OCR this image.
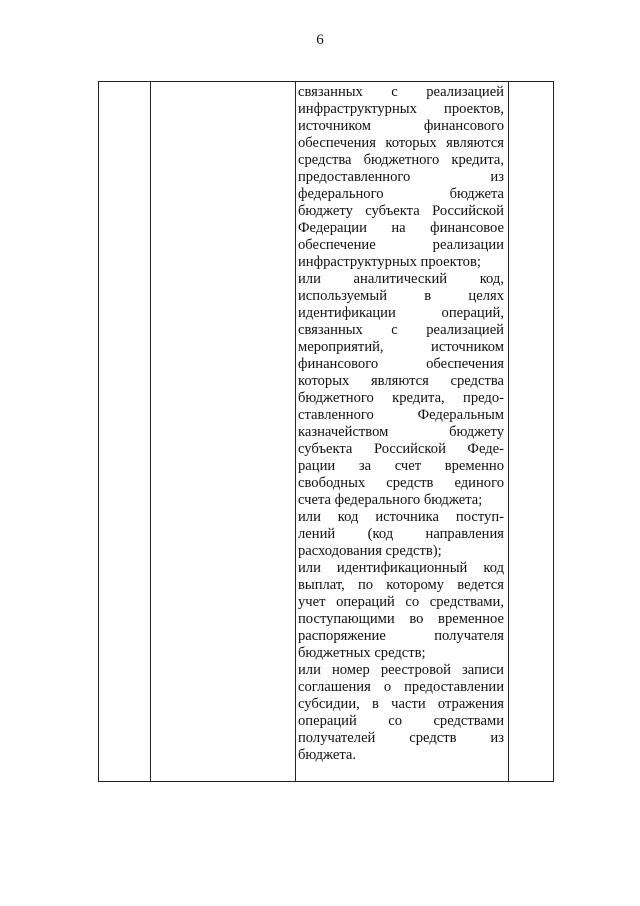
6
связанных с реализацией
инфраструктурных проектов,
источником финансового
обеспечения которых являются
средства бюджетного кредита,
предоставленного из
федерального бюджета
бюджету субъекта Российской
Федерации на финансовое
обеспечение реализации
инфраструктурных проектов;
или аналитический код,
используемый в целях
идентификации операций,
связанных с реализацией
мероприятий, источником
финансового обеспечения
которых являются средства
бюджетного кредита, предо-
ставленного Федеральным
казначейством бюджету
субъекта Российской Феде-
рации за счет временно
свободных средств единого
счета федерального бюджета;
или код источника поступ-
лений (код направления
расходования средств);
или идентификационный код
выплат, по которому ведется
учет операций со средствами,
поступающими во временное
распоряжение получателя
бюджетных средств;
или номер реестровой записи
соглашения о предоставлении
субсидии, в части отражения
операций со средствами
получателей средств из
бюджета.
